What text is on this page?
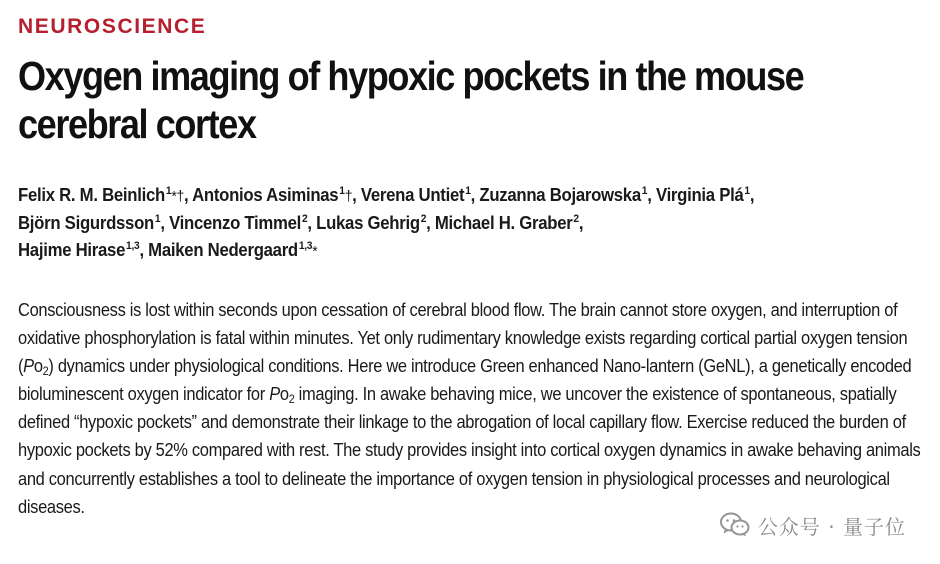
NEUROSCIENCE
Oxygen imaging of hypoxic pockets in the mouse cerebral cortex
Felix R. M. Beinlich$^1$*†, Antonios Asiminas$^1$†, Verena Untiet$^1$, Zuzanna Bojarowska$^1$, Virginia Plá$^1$,
Björn Sigurdsson$^1$, Vincenzo Timmel$^2$, Lukas Gehrig$^2$, Michael H. Graber$^2$,
Hajime Hirase$^{1,3}$, Maiken Nedergaard$^{1,3}$*

Consciousness is lost within seconds upon cessation of cerebral blood flow. The brain cannot store oxygen, and interruption of oxidative phosphorylation is fatal within minutes. Yet only rudimentary knowledge exists regarding cortical partial oxygen tension $(Po_2)$ dynamics under physiological conditions. Here we introduce Green enhanced Nano-lantern (GeNL), a genetically encoded bioluminescent oxygen indicator for $Po_2$ imaging. In awake behaving mice, we uncover the existence of spontaneous, spatially defined “hypoxic pockets” and demonstrate their linkage to the abrogation of local capillary flow. Exercise reduced the burden of hypoxic pockets by 52% compared with rest. The study provides insight into cortical oxygen dynamics in awake behaving animals and concurrently establishes a tool to delineate the importance of oxygen tension in physiological processes and neurological diseases.

公众号 · 量子位
